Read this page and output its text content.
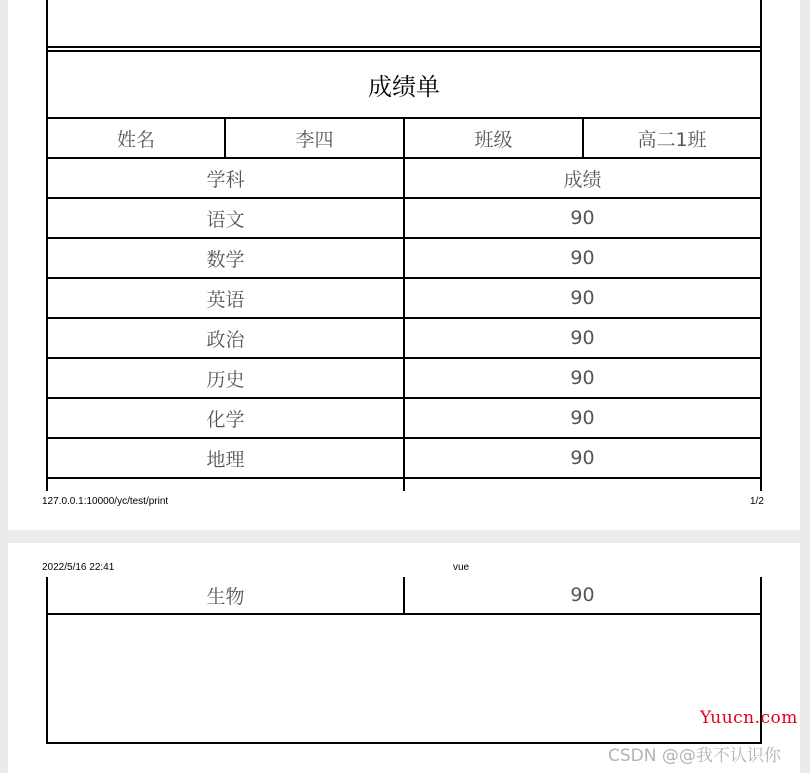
成绩单
姓名	李四	班级	高二1班
学科	成绩
语文	90
数学	90
英语	90
政治	90
历史	90
化学	90
地理	90
127.0.0.1:10000/yc/test/print	1/2
2022/5/16 22:41	vue
生物	90
Yuucn.com
CSDN @@我不认识你
